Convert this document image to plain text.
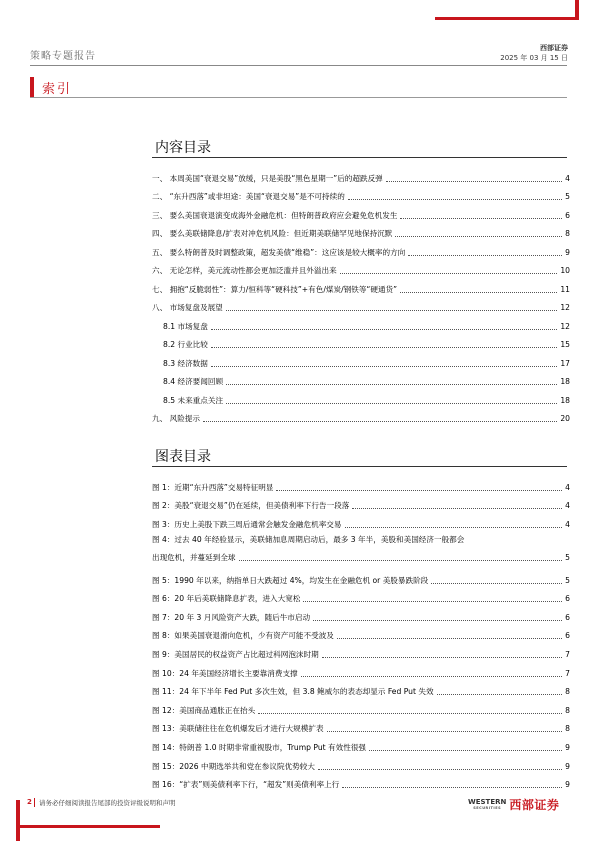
策略专题报告
西部证券
2025 年 03 月 15 日
索引
内容目录
一、 本周美国“衰退交易”放缓，只是美股“黑色星期一”后的超跌反弹	4
二、 “东升西落”或非坦途：美国“衰退交易”是不可持续的	5
三、 要么美国衰退演变成海外金融危机：但特朗普政府应会避免危机发生	6
四、 要么美联储降息/扩表对冲危机风险：但近期美联储罕见地保持沉默	8
五、 要么特朗普及时调整政策，超发美债“维稳”：这应该是较大概率的方向	9
六、 无论怎样，美元流动性都会更加泛滥并且外溢出来	10
七、 拥抱“反脆弱性”：算力/恒科等“硬科技”+有色/煤炭/钢铁等“硬通货”	11
八、 市场复盘及展望	12
8.1 市场复盘	12
8.2 行业比较	15
8.3 经济数据	17
8.4 经济要闻回顾	18
8.5 未来重点关注	18
九、 风险提示	20
图表目录
图 1：近期“东升西落”交易特征明显	4
图 2：美股“衰退交易”仍在延续，但美债利率下行告一段落	4
图 3：历史上美股下跌三周后通常会触发金融危机率交易	4
图 4：过去 40 年经验显示，美联储加息周期启动后，最多 3 年半，美股和美国经济一般都会
出现危机，并蔓延到全球	5
图 5：1990 年以来，纳指单日大跌超过 4%，均发生在金融危机 or 美股暴跌阶段	5
图 6：20 年后美联储降息扩表，进入大宽松	6
图 7：20 年 3 月风险资产大跌，随后牛市启动	6
图 8：如果美国衰退滑向危机，少有资产可能不受波及	6
图 9：美国居民的权益资产占比超过科网泡沫时期	7
图 10：24 年美国经济增长主要靠消费支撑	7
图 11：24 年下半年 Fed Put 多次生效，但 3.8 鲍威尔的表态却显示 Fed Put 失效	8
图 12：美国商品通胀正在抬头	8
图 13：美联储往往在危机爆发后才进行大规模扩表	8
图 14：特朗普 1.0 时期非常重视股市，Trump Put 有效性很强	9
图 15：2026 中期选举共和党在参议院优势较大	9
图 16：“扩表”则美债利率下行，“超发”则美债利率上行	9
2 请务必仔细阅读报告尾部的投资评级说明和声明	WESTERN
SECURITIES 西部证券
